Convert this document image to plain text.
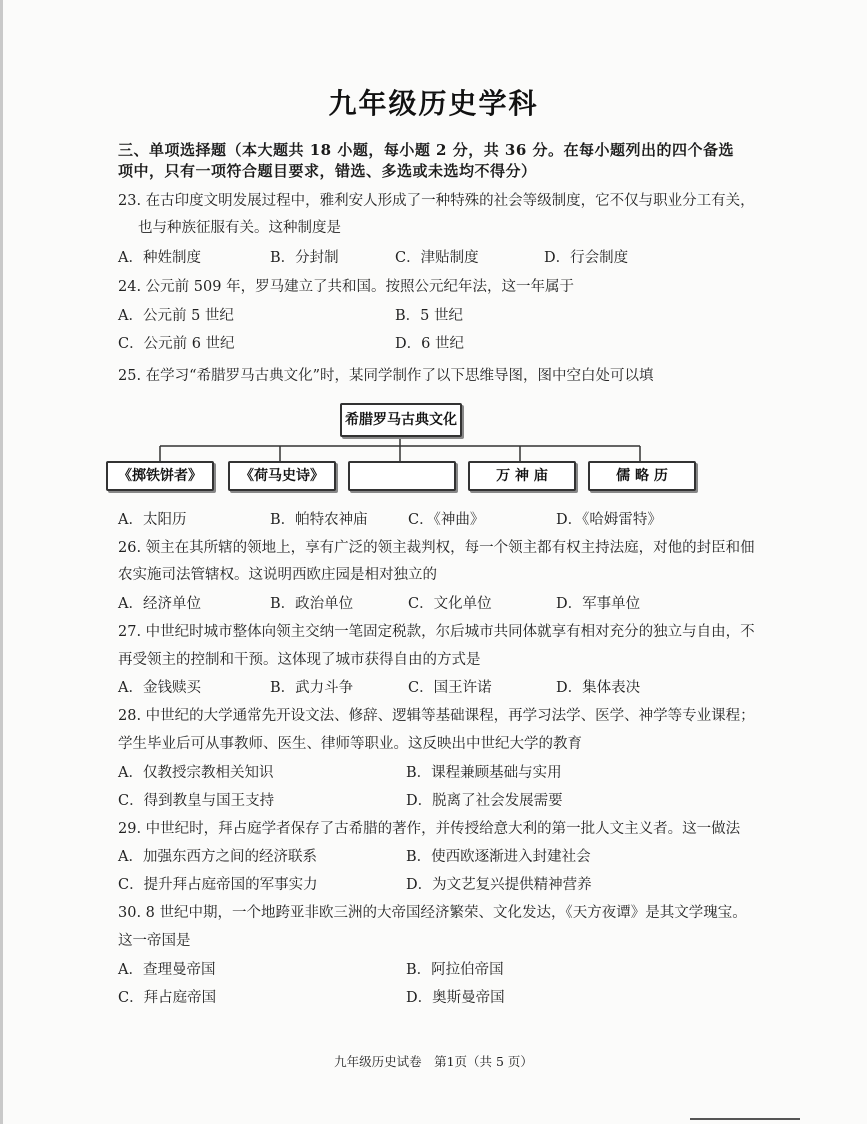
九年级历史学科
三、单项选择题（本大题共 18 小题，每小题 2 分，共 36 分。在每小题列出的四个备选
项中，只有一项符合题目要求，错选、多选或未选均不得分）
23. 在古印度文明发展过程中，雅利安人形成了一种特殊的社会等级制度，它不仅与职业分工有关，
也与种族征服有关。这种制度是
A．种姓制度	B．分封制	C．津贴制度	D．行会制度
24. 公元前 509 年，罗马建立了共和国。按照公元纪年法，这一年属于
A．公元前 5 世纪	B．5 世纪
C．公元前 6 世纪	D．6 世纪
25. 在学习“希腊罗马古典文化”时，某同学制作了以下思维导图，图中空白处可以填
希腊罗马古典文化
《掷铁饼者》	《荷马史诗》	万 神 庙	儒 略 历
A．太阳历	B．帕特农神庙	C．《神曲》	D．《哈姆雷特》
26. 领主在其所辖的领地上，享有广泛的领主裁判权，每一个领主都有权主持法庭，对他的封臣和佃
农实施司法管辖权。这说明西欧庄园是相对独立的
A．经济单位	B．政治单位	C．文化单位	D．军事单位
27. 中世纪时城市整体向领主交纳一笔固定税款，尔后城市共同体就享有相对充分的独立与自由，不
再受领主的控制和干预。这体现了城市获得自由的方式是
A．金钱赎买	B．武力斗争	C．国王许诺	D．集体表决
28. 中世纪的大学通常先开设文法、修辞、逻辑等基础课程，再学习法学、医学、神学等专业课程；
学生毕业后可从事教师、医生、律师等职业。这反映出中世纪大学的教育
A．仅教授宗教相关知识	B．课程兼顾基础与实用
C．得到教皇与国王支持	D．脱离了社会发展需要
29. 中世纪时，拜占庭学者保存了古希腊的著作，并传授给意大利的第一批人文主义者。这一做法
A．加强东西方之间的经济联系	B．使西欧逐渐进入封建社会
C．提升拜占庭帝国的军事实力	D．为文艺复兴提供精神营养
30. 8 世纪中期，一个地跨亚非欧三洲的大帝国经济繁荣、文化发达，《天方夜谭》是其文学瑰宝。
这一帝国是
A．查理曼帝国	B．阿拉伯帝国
C．拜占庭帝国	D．奥斯曼帝国
九年级历史试卷　第1页（共 5 页）
